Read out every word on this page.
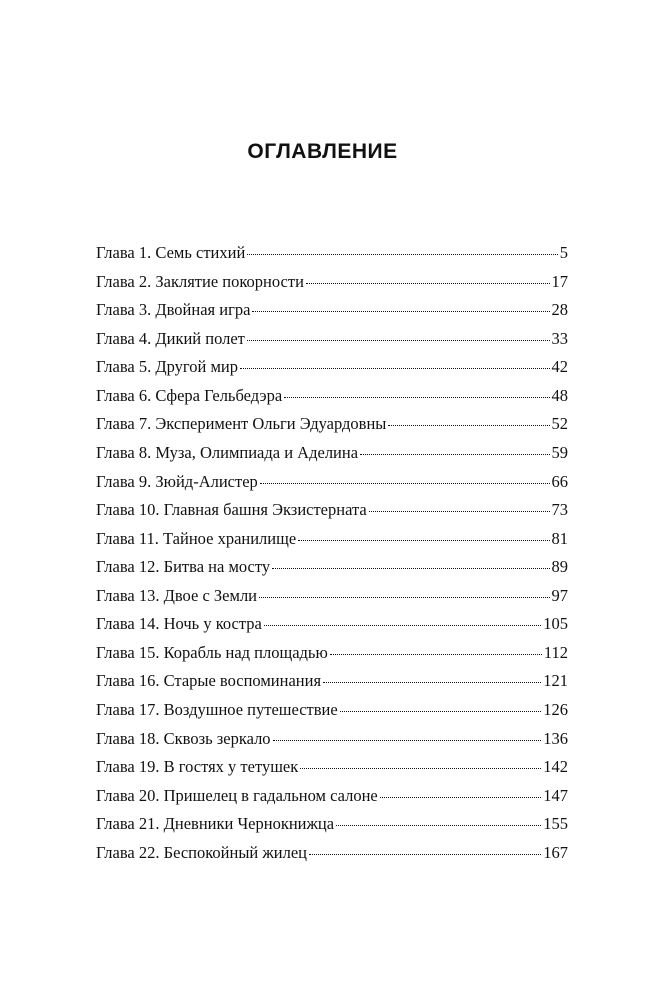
ОГЛАВЛЕНИЕ
Глава 1. Семь стихий	5
Глава 2. Заклятие покорности	17
Глава 3. Двойная игра	28
Глава 4. Дикий полет	33
Глава 5. Другой мир	42
Глава 6. Сфера Гельбедэра	48
Глава 7. Эксперимент Ольги Эдуардовны	52
Глава 8. Муза, Олимпиада и Аделина	59
Глава 9. Зюйд-Алистер	66
Глава 10. Главная башня Экзистерната	73
Глава 11. Тайное хранилище	81
Глава 12. Битва на мосту	89
Глава 13. Двое с Земли	97
Глава 14. Ночь у костра	105
Глава 15. Корабль над площадью	112
Глава 16. Старые воспоминания	121
Глава 17. Воздушное путешествие	126
Глава 18. Сквозь зеркало	136
Глава 19. В гостях у тетушек	142
Глава 20. Пришелец в гадальном салоне	147
Глава 21. Дневники Чернокнижца	155
Глава 22. Беспокойный жилец	167
